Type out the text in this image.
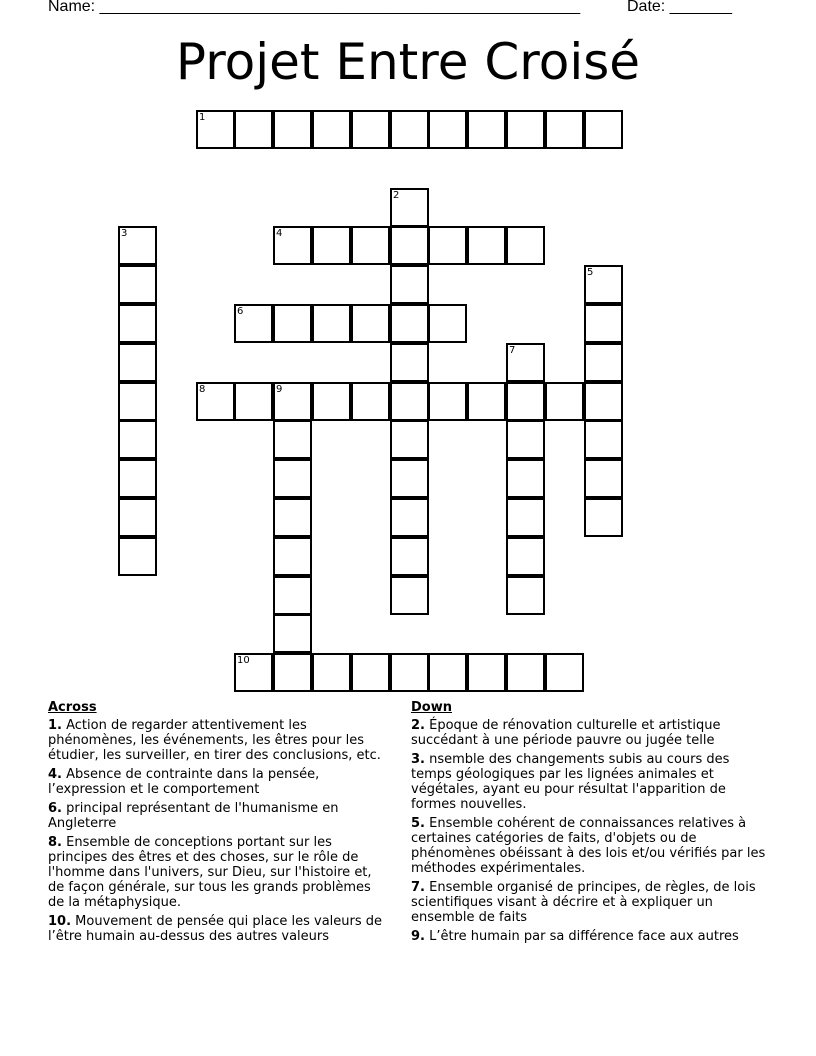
Name: ______________________________________________________	Date: _______
Projet Entre Croisé
1
2
3	4
5
6
7
8	9
10
Across
1. Action de regarder attentivement les phénomènes, les événements, les êtres pour les étudier, les surveiller, en tirer des conclusions, etc.
4. Absence de contrainte dans la pensée, l’expression et le comportement
6. principal représentant de l'humanisme en Angleterre
8. Ensemble de conceptions portant sur les principes des êtres et des choses, sur le rôle de l'homme dans l'univers, sur Dieu, sur l'histoire et, de façon générale, sur tous les grands problèmes de la métaphysique.
10. Mouvement de pensée qui place les valeurs de l’être humain au-dessus des autres valeurs
Down
2. Époque de rénovation culturelle et artistique succédant à une période pauvre ou jugée telle
3. nsemble des changements subis au cours des temps géologiques par les lignées animales et végétales, ayant eu pour résultat l'apparition de formes nouvelles.
5. Ensemble cohérent de connaissances relatives à certaines catégories de faits, d'objets ou de phénomènes obéissant à des lois et/ou vérifiés par les méthodes expérimentales.
7. Ensemble organisé de principes, de règles, de lois scientifiques visant à décrire et à expliquer un ensemble de faits
9. L’être humain par sa différence face aux autres
